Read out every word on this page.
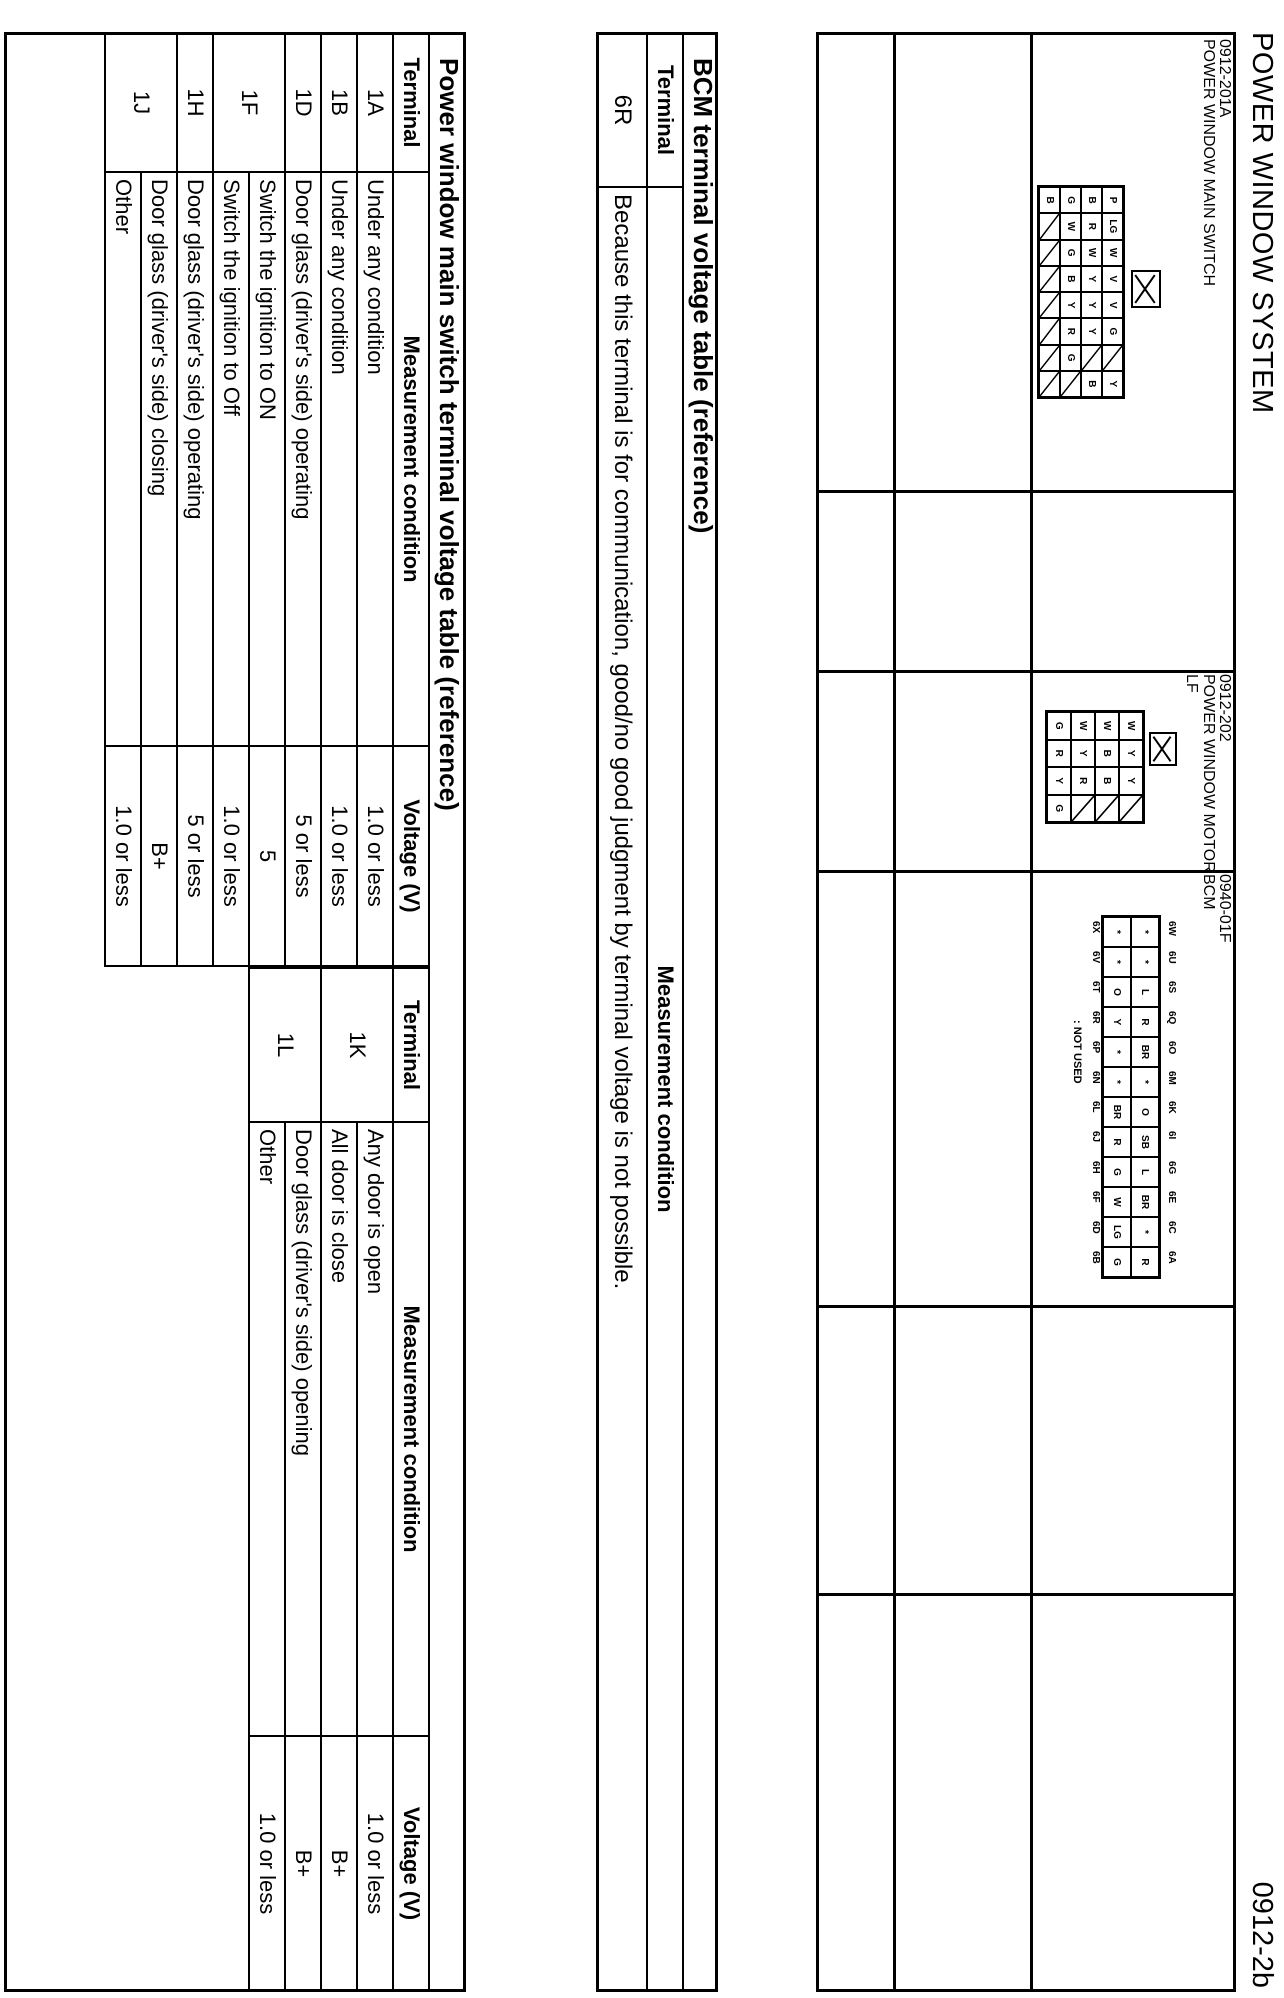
POWER WINDOW SYSTEM
0912-2b
0912-201A
POWER WINDOW MAIN SWITCH
P
LG
W
V
V
G
Y
B
R
W
Y
Y
Y
B
G
W
G
B
Y
R
G
B
0912-202
POWER WINDOW MOTOR
LF
W
Y
Y
W
B
B
W
Y
R
G
R
Y
G
0940-01F
BCM
6W
6U
6S
6Q
6O
6M
6K
6I
6G
6E
6C
6A
*
*
L
R
BR
*
O
SB
L
BR
*
R
*
*
O
Y
*
*
BR
R
G
W
LG
G
6X
6V
6T
6R
6P
6N
6L
6J
6H
6F
6D
6B
: NOT USED
BCM terminal voltage table (reference)
Terminal	Measurement condition
6R	Because this terminal is for communication, good/no good judgment by terminal voltage is not possible.
Power window main switch terminal voltage table (reference)
Terminal	Measurement condition	Voltage (V)
1A	Under any condition	1.0 or less
1B	Under any condition	1.0 or less
1D	Door glass (driver's side) operating	5 or less
1F	Switch the ignition to ON	5
	Switch the ignition to Off	1.0 or less
1H	Door glass (driver's side) operating	5 or less
1J	Door glass (driver's side) closing	B+
	Other	1.0 or less
Terminal	Measurement condition	Voltage (V)
1K	Any door is open	1.0 or less
	All door is close	B+
1L	Door glass (driver's side) opening	B+
	Other	1.0 or less
